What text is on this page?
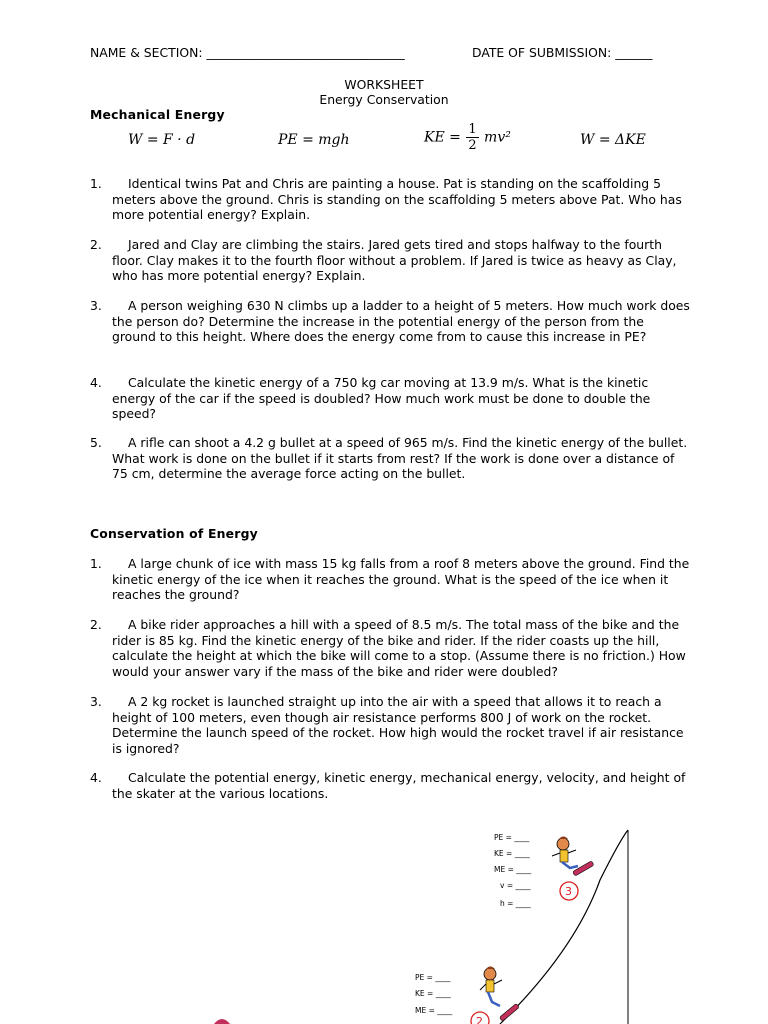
NAME & SECTION: ________________________________	DATE OF SUBMISSION: ______
WORKSHEET
Energy Conservation
Mechanical Energy
W = F · d	PE = mgh	KE = $\frac{1}{2} mv^2$	W = ΔKE
1.	Identical twins Pat and Chris are painting a house. Pat is standing on the scaffolding 5 meters above the ground. Chris is standing on the scaffolding 5 meters above Pat. Who has more potential energy? Explain.
2.	Jared and Clay are climbing the stairs. Jared gets tired and stops halfway to the fourth floor. Clay makes it to the fourth floor without a problem. If Jared is twice as heavy as Clay, who has more potential energy? Explain.
3.	A person weighing 630 N climbs up a ladder to a height of 5 meters. How much work does the person do? Determine the increase in the potential energy of the person from the ground to this height. Where does the energy come from to cause this increase in PE?
4.	Calculate the kinetic energy of a 750 kg car moving at 13.9 m/s. What is the kinetic energy of the car if the speed is doubled? How much work must be done to double the speed?
5.	A rifle can shoot a 4.2 g bullet at a speed of 965 m/s. Find the kinetic energy of the bullet. What work is done on the bullet if it starts from rest? If the work is done over a distance of 75 cm, determine the average force acting on the bullet.
Conservation of Energy
1.	A large chunk of ice with mass 15 kg falls from a roof 8 meters above the ground. Find the kinetic energy of the ice when it reaches the ground. What is the speed of the ice when it reaches the ground?
2.	A bike rider approaches a hill with a speed of 8.5 m/s. The total mass of the bike and the rider is 85 kg. Find the kinetic energy of the bike and rider. If the rider coasts up the hill, calculate the height at which the bike will come to a stop. (Assume there is no friction.) How would your answer vary if the mass of the bike and rider were doubled?
3.	A 2 kg rocket is launched straight up into the air with a speed that allows it to reach a height of 100 meters, even though air resistance performs 800 J of work on the rocket. Determine the launch speed of the rocket. How high would the rocket travel if air resistance is ignored?
4.	Calculate the potential energy, kinetic energy, mechanical energy, velocity, and height of the skater at the various locations.
PE = ____
KE = ____
ME = ____
v = ____
h = ____
3
PE = ____
KE = ____
ME = ____
2
